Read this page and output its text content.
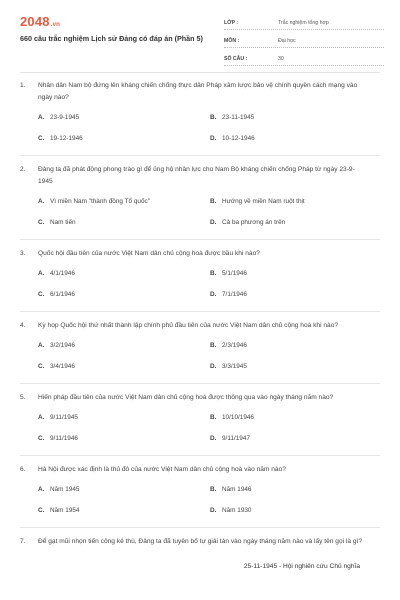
2048.vn
660 câu trắc nghiệm Lịch sử Đảng có đáp án (Phần 5)
LỚP :	Trắc nghiệm tổng hợp
MÔN :	Đại học
SỐ CÂU :	30
1.	Nhân dân Nam bộ đứng lên kháng chiến chống thực dân Pháp xâm lược bảo vệ chính quyền cách mạng vào ngày nào?
A. 23-9-1945	B. 23-11-1945
C. 19-12-1946	D. 10-12-1946
2.	Đảng ta đã phát động phong trào gì để ủng hộ nhân lực cho Nam Bộ kháng chiến chống Pháp từ ngày 23-9-1945
A. Vì miền Nam "thành đồng Tổ quốc"	B. Hướng về miền Nam ruột thịt
C. Nam tiến	D. Cả ba phương án trên
3.	Quốc hội đầu tiên của nước Việt Nam dân chủ cộng hoà được bầu khi nào?
A. 4/1/1946	B. 5/1/1946
C. 6/1/1946	D. 7/1/1946
4.	Kỳ họp Quốc hội thứ nhất thành lập chính phủ đầu tiên của nước Việt Nam dân chủ cộng hoà khi nào?
A. 3/2/1946	B. 2/3/1946
C. 3/4/1946	D. 3/3/1945
5.	Hiến pháp đầu tiên của nước Việt Nam dân chủ cộng hoà được thông qua vào ngày tháng năm nào?
A. 9/11/1945	B. 10/10/1946
C. 9/11/1946	D. 9/11/1947
6.	Hà Nội được xác định là thủ đô của nước Việt Nam dân chủ cộng hoà vào năm nào?
A. Năm 1945	B. Năm 1946
C. Năm 1954	D. Năm 1930
7.	Để gạt mũi nhọn tiến công kẻ thù, Đảng ta đã tuyên bố tự giải tán vào ngày tháng năm nào và lấy tên gọi là gì?
25-11-1945 - Hội nghiên cứu Chủ nghĩa
